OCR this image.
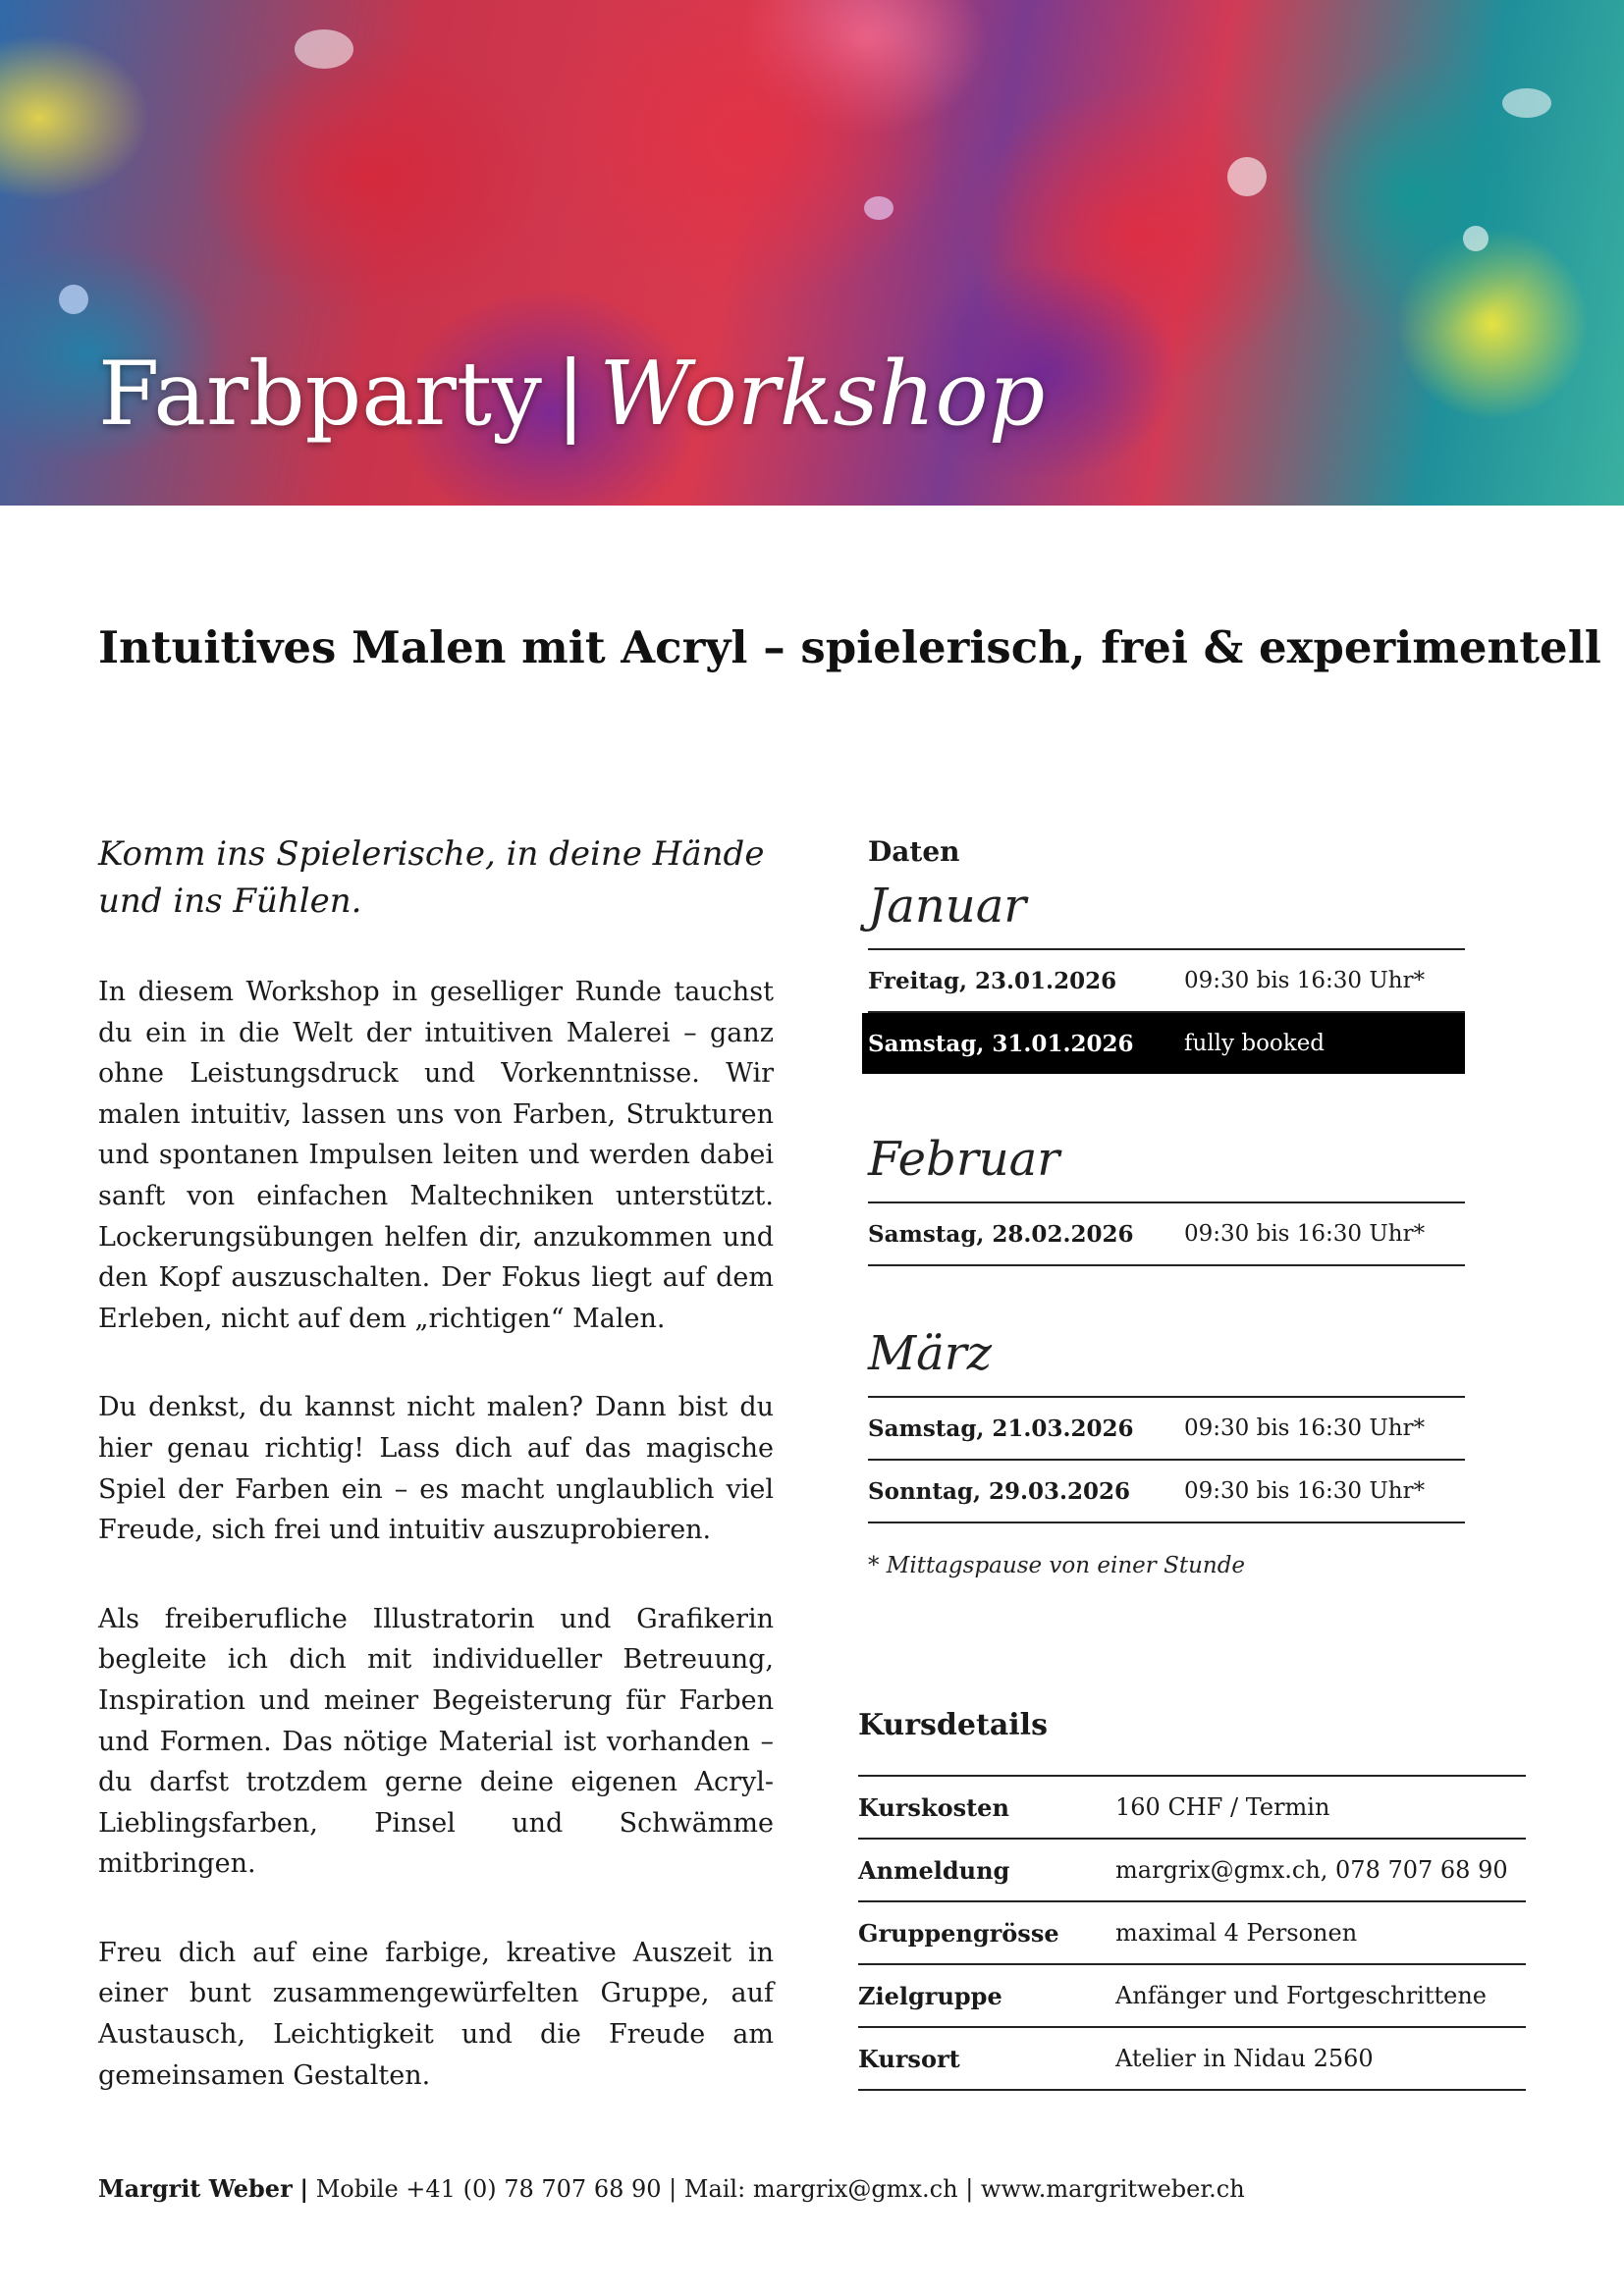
Farbparty | Workshop
Intuitives Malen mit Acryl – spielerisch, frei & experimentell

Komm ins Spielerische, in deine Hände
und ins Fühlen.

In diesem Workshop in geselliger Runde tauchst du ein in die Welt der intuitiven Malerei – ganz ohne Leistungsdruck und Vorkenntnisse. Wir malen intuitiv, lassen uns von Farben, Strukturen und spontanen Impulsen leiten und werden dabei sanft von einfachen Maltechniken unterstützt. Lockerungsübungen helfen dir, anzukommen und den Kopf auszuschalten. Der Fokus liegt auf dem Erleben, nicht auf dem „richtigen“ Malen.

Du denkst, du kannst nicht malen? Dann bist du hier genau richtig! Lass dich auf das magische Spiel der Farben ein – es macht unglaublich viel Freude, sich frei und intuitiv auszuprobieren.

Als freiberufliche Illustratorin und Grafikerin begleite ich dich mit individueller Betreuung, Inspiration und meiner Begeisterung für Farben und Formen. Das nötige Material ist vorhanden – du darfst trotzdem gerne deine eigenen Acryl-Lieblingsfarben, Pinsel und Schwämme mitbringen.

Freu dich auf eine farbige, kreative Auszeit in einer bunt zusammengewürfelten Gruppe, auf Austausch, Leichtigkeit und die Freude am gemeinsamen Gestalten.

Daten

Januar

Freitag, 23.01.2026	09:30 bis 16:30 Uhr*
Samstag, 31.01.2026	fully booked

Februar

Samstag, 28.02.2026	09:30 bis 16:30 Uhr*

März

Samstag, 21.03.2026	09:30 bis 16:30 Uhr*
Sonntag, 29.03.2026	09:30 bis 16:30 Uhr*

* Mittagspause von einer Stunde

Kursdetails

Kurskosten	160 CHF / Termin
Anmeldung	margrix@gmx.ch, 078 707 68 90
Gruppengrösse	maximal 4 Personen
Zielgruppe	Anfänger und Fortgeschrittene
Kursort	Atelier in Nidau 2560
Margrit Weber | Mobile +41 (0) 78 707 68 90 | Mail: margrix@gmx.ch | www.margritweber.ch
